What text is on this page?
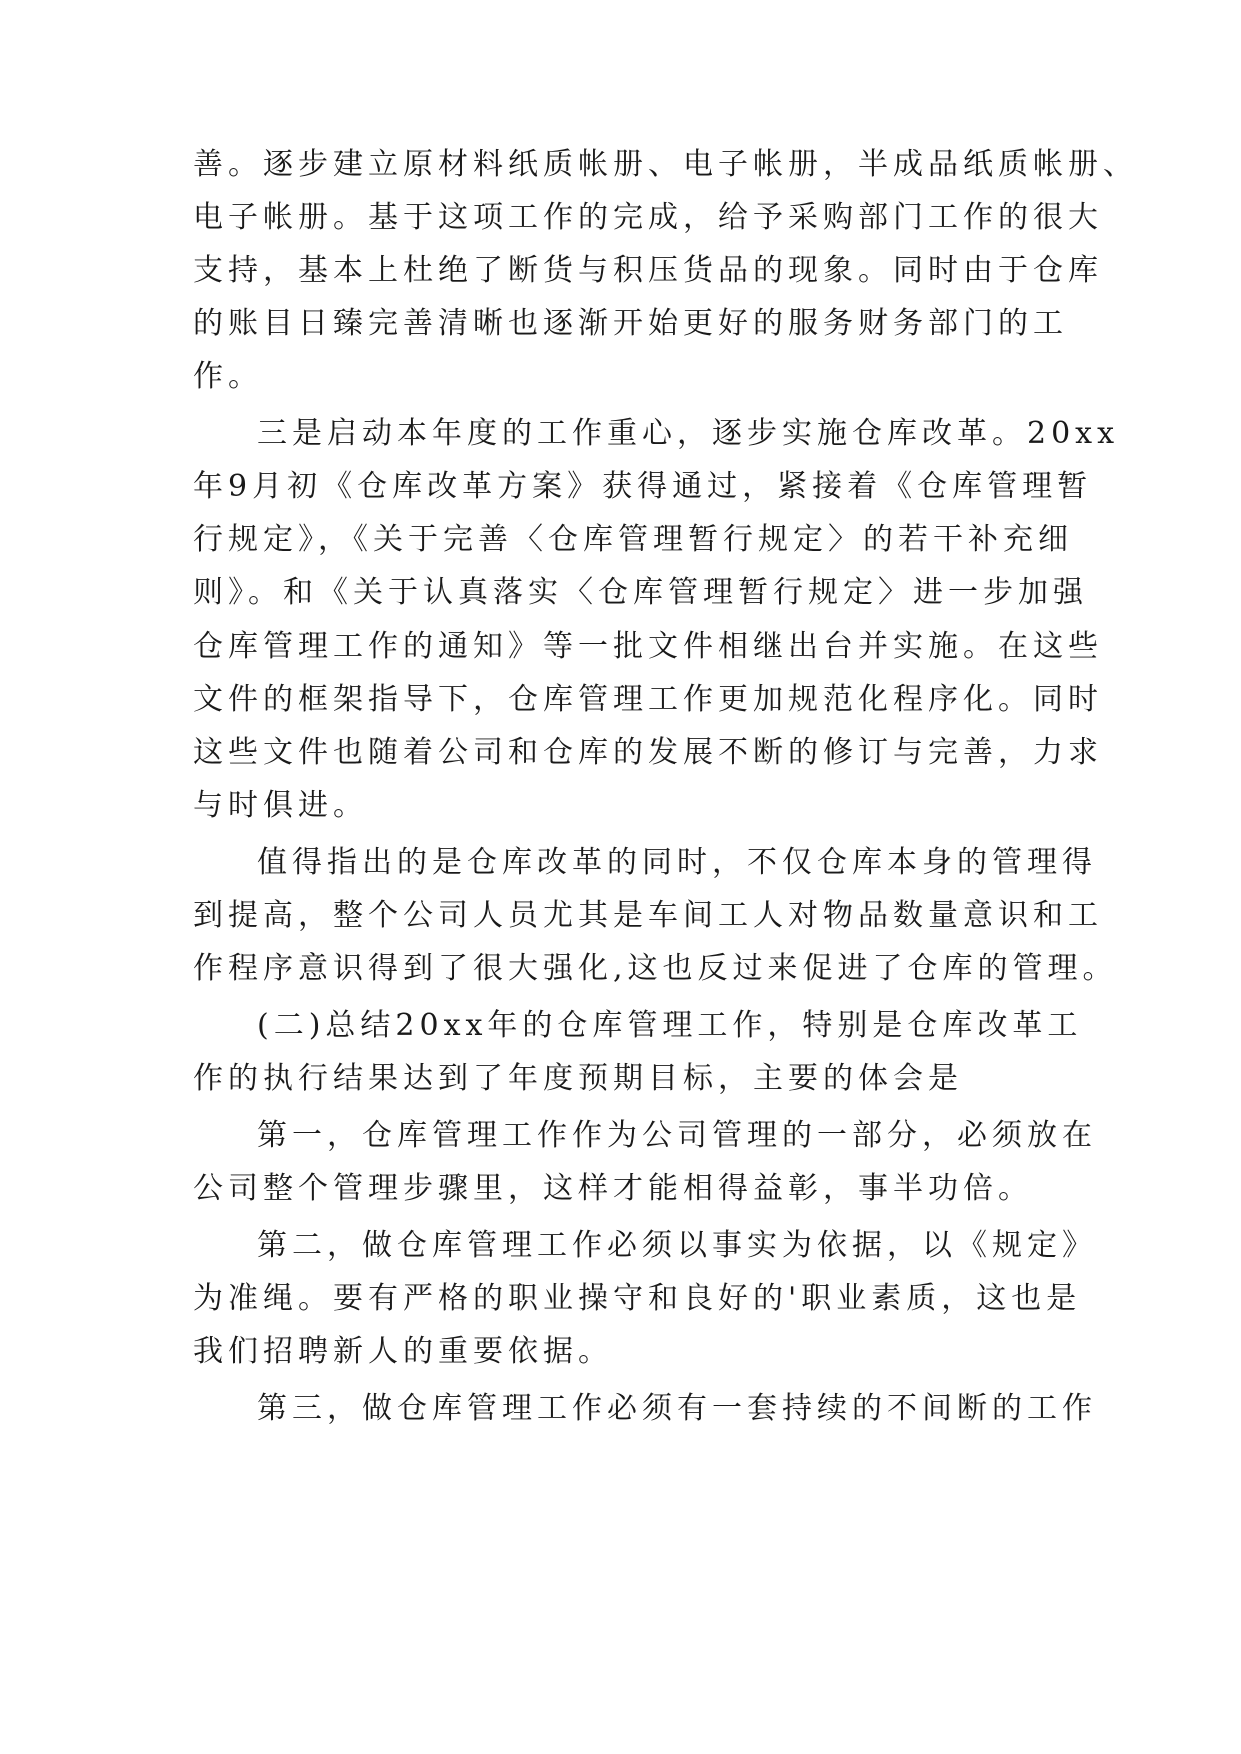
善。逐步建立原材料纸质帐册、电子帐册，半成品纸质帐册、
电子帐册。基于这项工作的完成，给予采购部门工作的很大
支持，基本上杜绝了断货与积压货品的现象。同时由于仓库
的账目日臻完善清晰也逐渐开始更好的服务财务部门的工
作。
三是启动本年度的工作重心，逐步实施仓库改革。20xx
年9月初《仓库改革方案》获得通过，紧接着《仓库管理暂
行规定》，《关于完善〈仓库管理暂行规定〉的若干补充细
则》。和《关于认真落实〈仓库管理暂行规定〉进一步加强
仓库管理工作的通知》等一批文件相继出台并实施。在这些
文件的框架指导下，仓库管理工作更加规范化程序化。同时
这些文件也随着公司和仓库的发展不断的修订与完善，力求
与时俱进。
值得指出的是仓库改革的同时，不仅仓库本身的管理得
到提高，整个公司人员尤其是车间工人对物品数量意识和工
作程序意识得到了很大强化,这也反过来促进了仓库的管理。
(二)总结20xx年的仓库管理工作，特别是仓库改革工
作的执行结果达到了年度预期目标，主要的体会是
第一，仓库管理工作作为公司管理的一部分，必须放在
公司整个管理步骤里，这样才能相得益彰，事半功倍。
第二，做仓库管理工作必须以事实为依据，以《规定》
为准绳。要有严格的职业操守和良好的'职业素质，这也是
我们招聘新人的重要依据。
第三，做仓库管理工作必须有一套持续的不间断的工作
